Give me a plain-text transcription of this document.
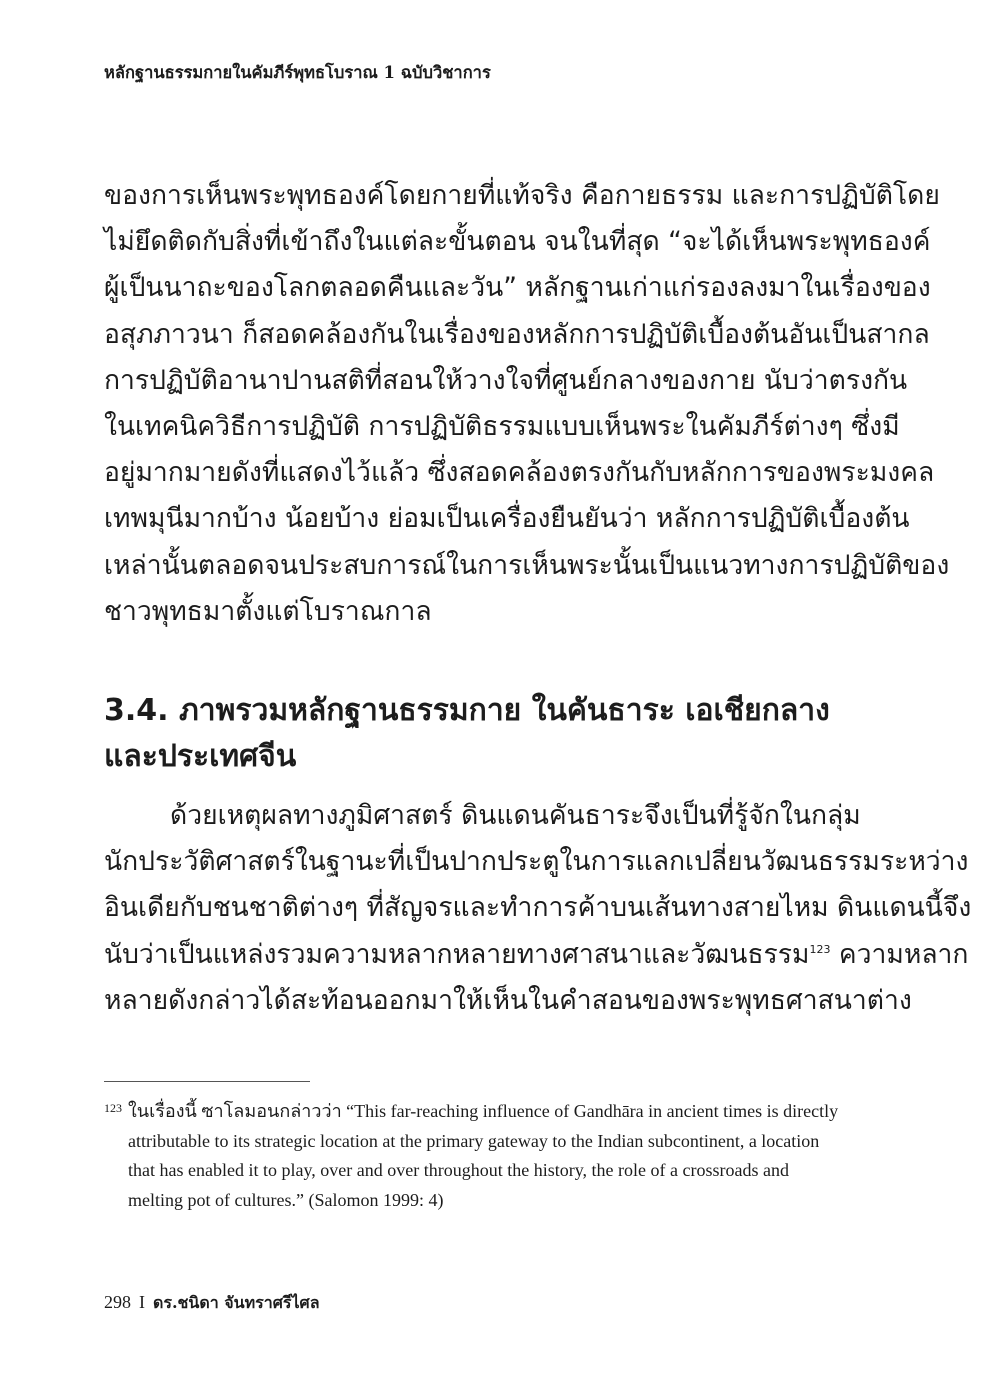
หลักฐานธรรมกายในคัมภีร์พุทธโบราณ 1 ฉบับวิชาการ
ของการเห็นพระพุทธองค์โดยกายที่แท้จริง คือกายธรรม และการปฏิบัติโดย
ไม่ยึดติดกับสิ่งที่เข้าถึงในแต่ละขั้นตอน จนในที่สุด “จะได้เห็นพระพุทธองค์
ผู้เป็นนาถะของโลกตลอดคืนและวัน” หลักฐานเก่าแก่รองลงมาในเรื่องของ
อสุภภาวนา ก็สอดคล้องกันในเรื่องของหลักการปฏิบัติเบื้องต้นอันเป็นสากล
การปฏิบัติอานาปานสติที่สอนให้วางใจที่ศูนย์กลางของกาย นับว่าตรงกัน
ในเทคนิควิธีการปฏิบัติ การปฏิบัติธรรมแบบเห็นพระในคัมภีร์ต่างๆ ซึ่งมี
อยู่มากมายดังที่แสดงไว้แล้ว ซึ่งสอดคล้องตรงกันกับหลักการของพระมงคล
เทพมุนีมากบ้าง น้อยบ้าง ย่อมเป็นเครื่องยืนยันว่า หลักการปฏิบัติเบื้องต้น
เหล่านั้นตลอดจนประสบการณ์ในการเห็นพระนั้นเป็นแนวทางการปฏิบัติของ
ชาวพุทธมาตั้งแต่โบราณกาล
3.4. ภาพรวมหลักฐานธรรมกาย ในคันธาระ เอเชียกลาง
และประเทศจีน
ด้วยเหตุผลทางภูมิศาสตร์ ดินแดนคันธาระจึงเป็นที่รู้จักในกลุ่ม
นักประวัติศาสตร์ในฐานะที่เป็นปากประตูในการแลกเปลี่ยนวัฒนธรรมระหว่าง
อินเดียกับชนชาติต่างๆ ที่สัญจรและทำการค้าบนเส้นทางสายไหม ดินแดนนี้จึง
นับว่าเป็นแหล่งรวมความหลากหลายทางศาสนาและวัฒนธรรม$^{123}$ ความหลาก
หลายดังกล่าวได้สะท้อนออกมาให้เห็นในคำสอนของพระพุทธศาสนาต่าง
123 ในเรื่องนี้ ซาโลมอนกล่าวว่า “This far-reaching influence of Gandhāra in ancient times is directly
attributable to its strategic location at the primary gateway to the Indian subcontinent, a location
that has enabled it to play, over and over throughout the history, the role of a crossroads and
melting pot of cultures.” (Salomon 1999: 4)
298 I ดร.ชนิดา จันทราศรีไศล
